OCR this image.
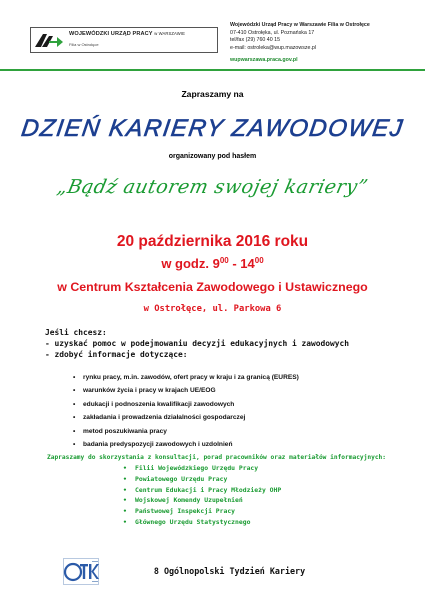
WOJEWÓDZKI URZĄD PRACY w WARSZAWIE
Filia w Ostrołęce
Wojewódzki Urząd Pracy w Warszawie Filia w Ostrołęce
07-410 Ostrołęka, ul. Poznańska 17
tel/fax (29) 760 40 15
e-mail: ostroleka@wup.mazowsze.pl
wupwarszawa.praca.gov.pl
Zapraszamy na
DZIEŃ KARIERY ZAWODOWEJ
organizowany pod hasłem
„Bądź autorem swojej kariery”
20 października 2016 roku
w godz. $9^{00} - 14^{00}$
w Centrum Kształcenia Zawodowego i Ustawicznego
w Ostrołęce, ul. Parkowa 6
Jeśli chcesz:
- uzyskać pomoc w podejmowaniu decyzji edukacyjnych i zawodowych
- zdobyć informacje dotyczące:
• rynku pracy, m.in. zawodów, ofert pracy w kraju i za granicą (EURES)
• warunków życia i pracy w krajach UE/EOG
• edukacji i podnoszenia kwalifikacji zawodowych
• zakładania i prowadzenia działalności gospodarczej
• metod poszukiwania pracy
• badania predyspozycji zawodowych i uzdolnień
Zapraszamy do skorzystania z konsultacji, porad pracowników oraz materiałów informacyjnych:
• Filii Wojewódzkiego Urzędu Pracy
• Powiatowego Urzędu Pracy
• Centrum Edukacji i Pracy Młodzieży OHP
• Wojskowej Komendy Uzupełnień
• Państwowej Inspekcji Pracy
• Głównego Urzędu Statystycznego
8 Ogólnopolski Tydzień Kariery
